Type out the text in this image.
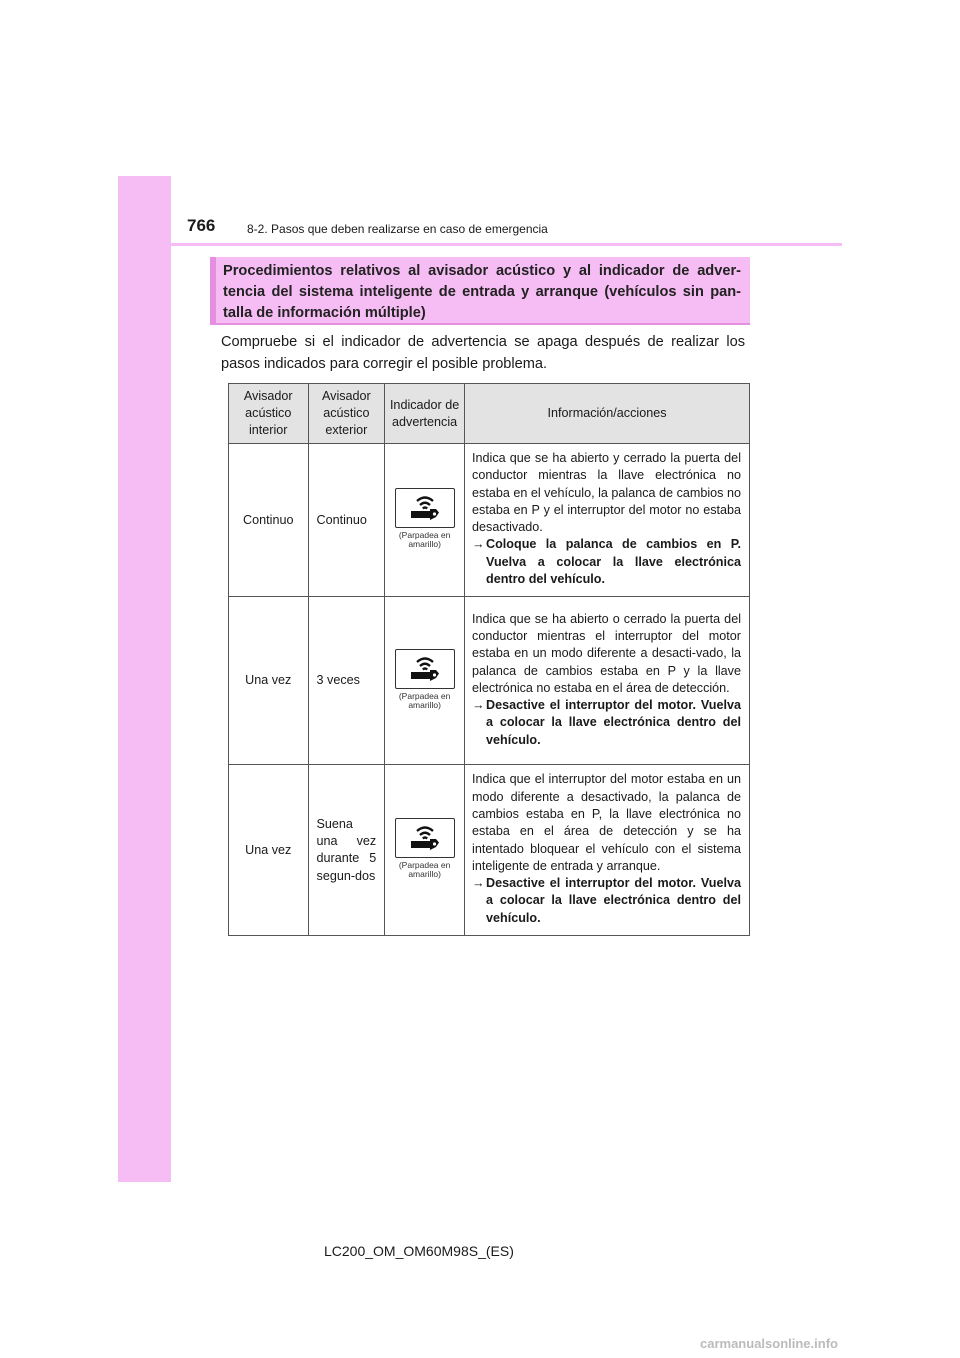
766	8-2. Pasos que deben realizarse en caso de emergencia
Procedimientos relativos al avisador acústico y al indicador de adver-tencia del sistema inteligente de entrada y arranque (vehículos sin pan-talla de información múltiple)
Compruebe si el indicador de advertencia se apaga después de realizar los pasos indicados para corregir el posible problema.
Avisador acústico interior	Avisador acústico exterior	Indicador de advertencia	Información/acciones
Continuo	Continuo	(Parpadea en amarillo)	Indica que se ha abierto y cerrado la puerta del conductor mientras la llave electrónica no estaba en el vehículo, la palanca de cambios no estaba en P y el interruptor del motor no estaba desactivado.
→Coloque la palanca de cambios en P. Vuelva a colocar la llave electrónica dentro del vehículo.

Una vez	3 veces	(Parpadea en amarillo)	Indica que se ha abierto o cerrado la puerta del conductor mientras el interruptor del motor estaba en un modo diferente a desacti-vado, la palanca de cambios estaba en P y la llave electrónica no estaba en el área de detección.
→Desactive el interruptor del motor. Vuelva a colocar la llave electrónica dentro del vehículo.

Una vez	Suena una vez durante 5 segun-dos	(Parpadea en amarillo)	Indica que el interruptor del motor estaba en un modo diferente a desactivado, la palanca de cambios estaba en P, la llave electrónica no estaba en el área de detección y se ha intentado bloquear el vehículo con el sistema inteligente de entrada y arranque.
→Desactive el interruptor del motor. Vuelva a colocar la llave electrónica dentro del vehículo.
LC200_OM_OM60M98S_(ES)
carmanualsonline.info
